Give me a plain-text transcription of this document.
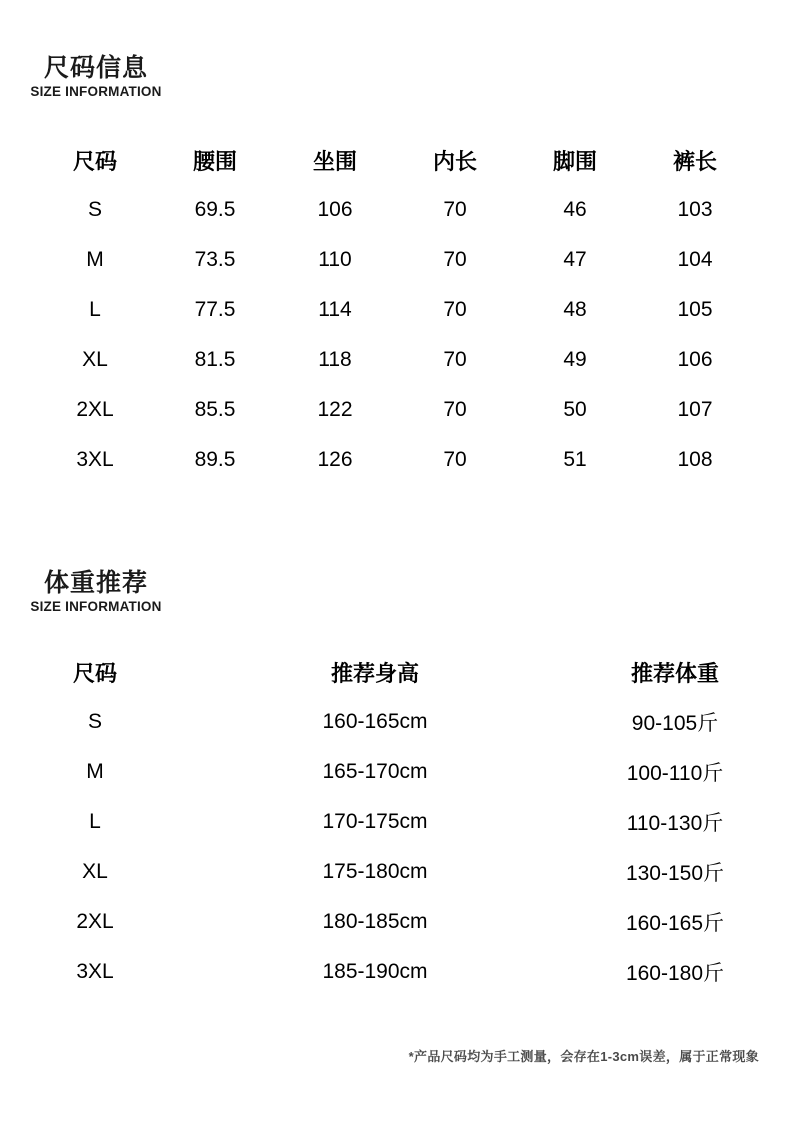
尺码信息
SIZE INFORMATION
尺码	腰围	坐围	内长	脚围	裤长
S	69.5	106	70	46	103
M	73.5	110	70	47	104
L	77.5	114	70	48	105
XL	81.5	118	70	49	106
2XL	85.5	122	70	50	107
3XL	89.5	126	70	51	108
体重推荐
SIZE INFORMATION
尺码	推荐身高	推荐体重
S	160-165cm	90-105斤
M	165-170cm	100-110斤
L	170-175cm	110-130斤
XL	175-180cm	130-150斤
2XL	180-185cm	160-165斤
3XL	185-190cm	160-180斤
*产品尺码均为手工测量，会存在1-3cm误差，属于正常现象
